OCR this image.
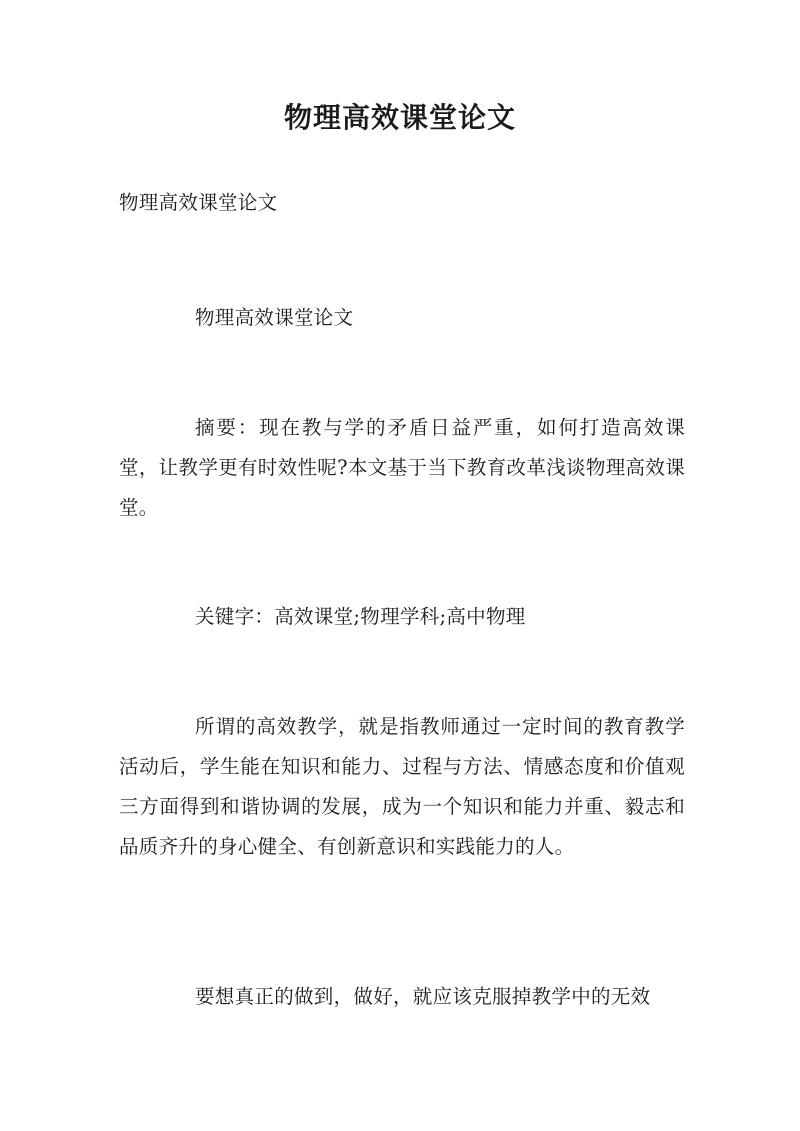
物理高效课堂论文

物理高效课堂论文

物理高效课堂论文

摘要：现在教与学的矛盾日益严重，如何打造高效课堂，让教学更有时效性呢?本文基于当下教育改革浅谈物理高效课堂。

关键字：高效课堂;物理学科;高中物理

所谓的高效教学，就是指教师通过一定时间的教育教学活动后，学生能在知识和能力、过程与方法、情感态度和价值观三方面得到和谐协调的发展，成为一个知识和能力并重、毅志和品质齐升的身心健全、有创新意识和实践能力的人。

要想真正的做到，做好，就应该克服掉教学中的无效
